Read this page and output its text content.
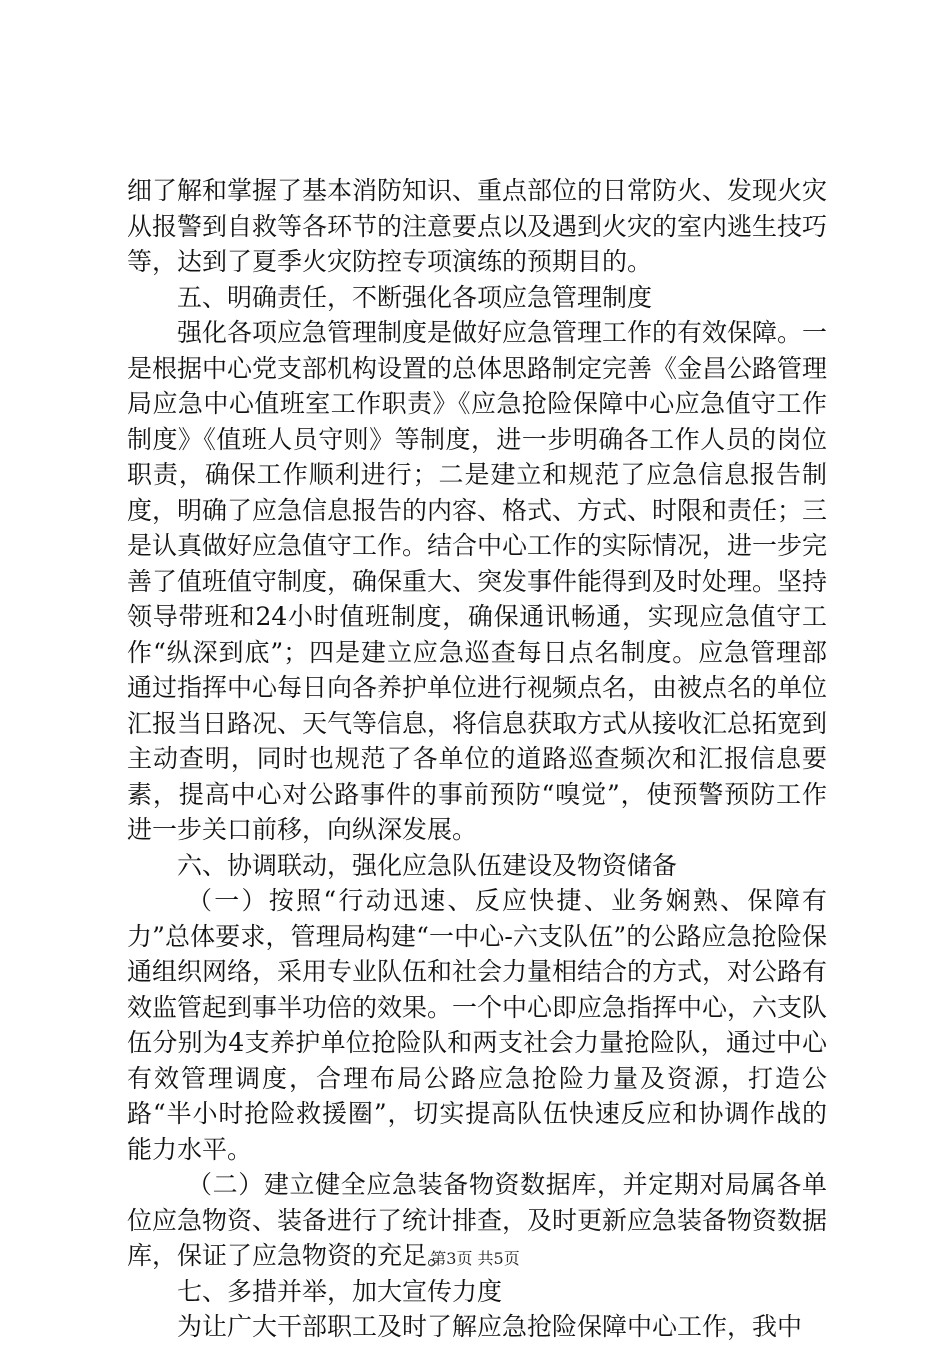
细了解和掌握了基本消防知识、重点部位的日常防火、发现火灾从报警到自救等各环节的注意要点以及遇到火灾的室内逃生技巧等，达到了夏季火灾防控专项演练的预期目的。

五、明确责任，不断强化各项应急管理制度

强化各项应急管理制度是做好应急管理工作的有效保障。一是根据中心党支部机构设置的总体思路制定完善《金昌公路管理局应急中心值班室工作职责》《应急抢险保障中心应急值守工作制度》《值班人员守则》等制度，进一步明确各工作人员的岗位职责，确保工作顺利进行；二是建立和规范了应急信息报告制度，明确了应急信息报告的内容、格式、方式、时限和责任；三是认真做好应急值守工作。结合中心工作的实际情况，进一步完善了值班值守制度，确保重大、突发事件能得到及时处理。坚持领导带班和24小时值班制度，确保通讯畅通，实现应急值守工作“纵深到底”；四是建立应急巡查每日点名制度。应急管理部通过指挥中心每日向各养护单位进行视频点名，由被点名的单位汇报当日路况、天气等信息，将信息获取方式从接收汇总拓宽到主动查明，同时也规范了各单位的道路巡查频次和汇报信息要素，提高中心对公路事件的事前预防“嗅觉”，使预警预防工作进一步关口前移，向纵深发展。

六、协调联动，强化应急队伍建设及物资储备

（一）按照“行动迅速、反应快捷、业务娴熟、保障有力”总体要求，管理局构建“一中心-六支队伍”的公路应急抢险保通组织网络，采用专业队伍和社会力量相结合的方式，对公路有效监管起到事半功倍的效果。一个中心即应急指挥中心，六支队伍分别为4支养护单位抢险队和两支社会力量抢险队，通过中心有效管理调度，合理布局公路应急抢险力量及资源，打造公路“半小时抢险救援圈”，切实提高队伍快速反应和协调作战的能力水平。

（二）建立健全应急装备物资数据库，并定期对局属各单位应急物资、装备进行了统计排查，及时更新应急装备物资数据库，保证了应急物资的充足。

七、多措并举，加大宣传力度

为让广大干部职工及时了解应急抢险保障中心工作，我中

第3页 共5页
